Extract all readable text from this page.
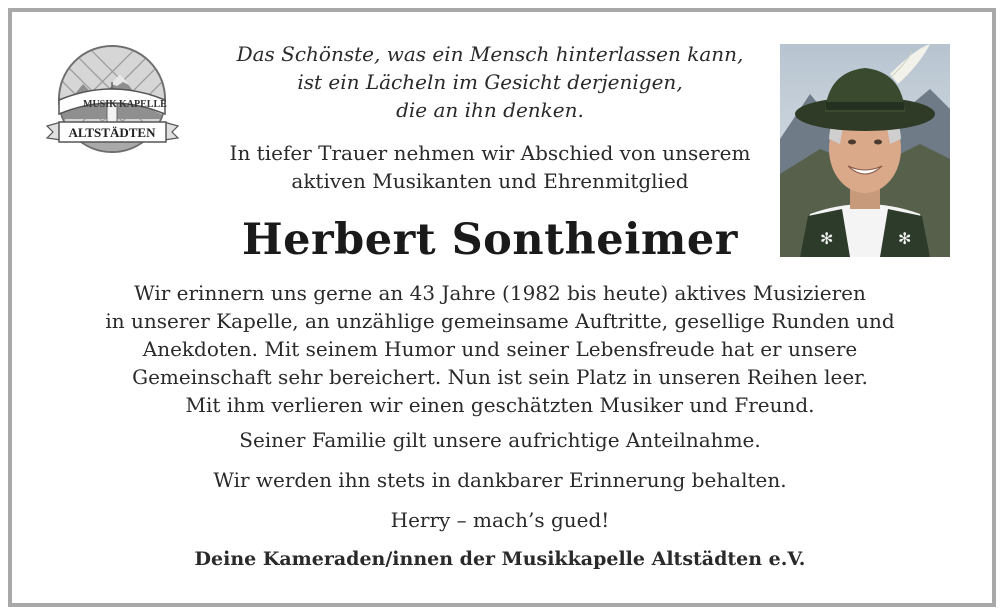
MUSIK KAPELLE
ALTSTÄDTEN
✻	✻
Das Schönste, was ein Mensch hinterlassen kann,
ist ein Lächeln im Gesicht derjenigen,
die an ihn denken.
In tiefer Trauer nehmen wir Abschied von unserem
aktiven Musikanten und Ehrenmitglied
Herbert Sontheimer
Wir erinnern uns gerne an 43 Jahre (1982 bis heute) aktives Musizieren
in unserer Kapelle, an unzählige gemeinsame Auftritte, gesellige Runden und
Anekdoten. Mit seinem Humor und seiner Lebensfreude hat er unsere
Gemeinschaft sehr bereichert. Nun ist sein Platz in unseren Reihen leer.
Mit ihm verlieren wir einen geschätzten Musiker und Freund.
Seiner Familie gilt unsere aufrichtige Anteilnahme.
Wir werden ihn stets in dankbarer Erinnerung behalten.
Herry – mach’s gued!
Deine Kameraden/innen der Musikkapelle Altstädten e.V.
